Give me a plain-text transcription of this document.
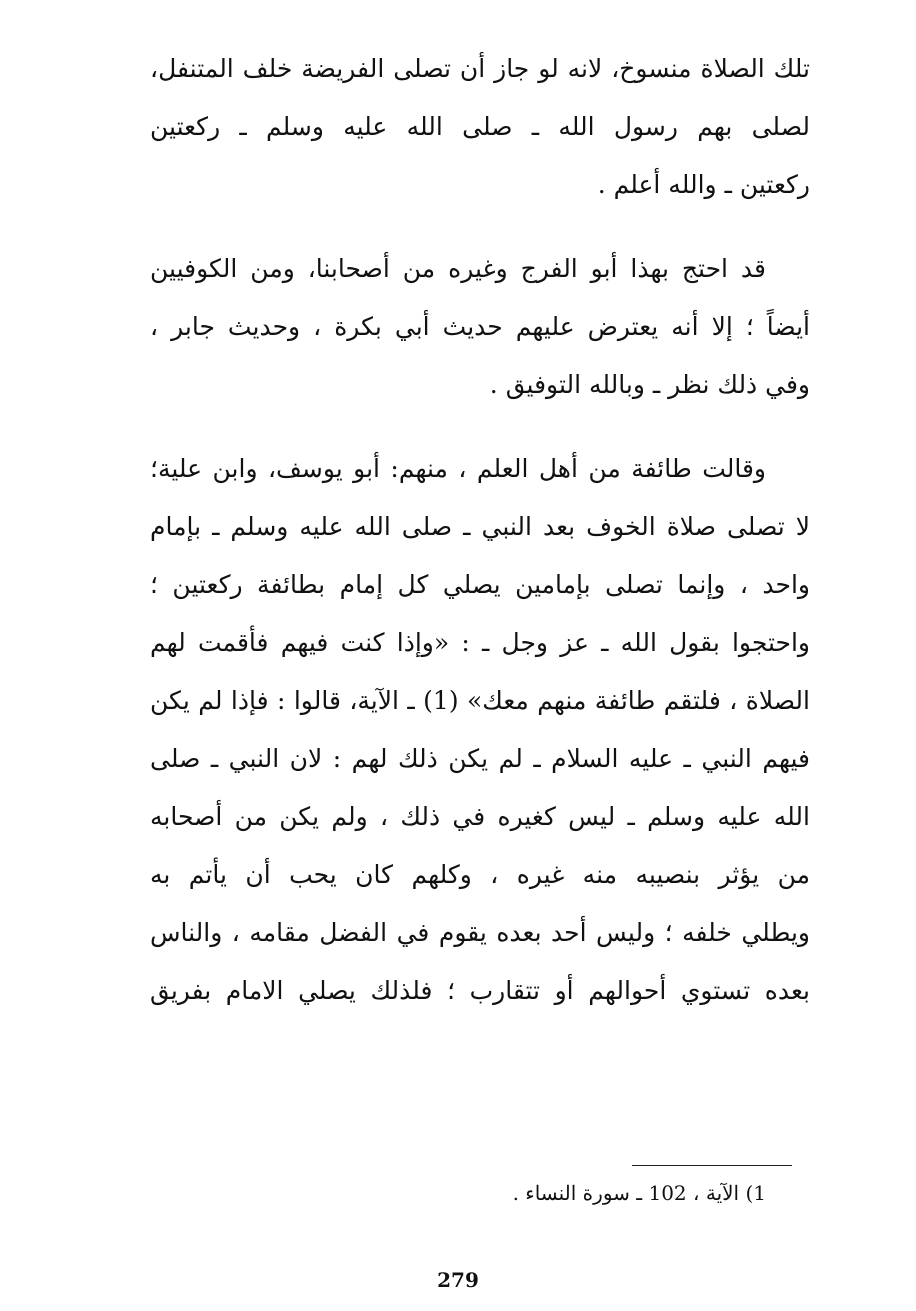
تلك الصلاة منسوخ، لانه لو جاز أن تصلى الفريضة خلف المتنفل،
لصلى بهم رسول الله ـ صلى الله عليه وسلم ـ ركعتين
ركعتين ـ والله أعلم .
قد احتج بهذا أبو الفرج وغيره من أصحابنا، ومن الكوفيين
أيضاً ؛ إلا أنه يعترض عليهم حديث أبي بكرة ، وحديث جابر ،
وفي ذلك نظر ـ وبالله التوفيق .
وقالت طائفة من أهل العلم ، منهم: أبو يوسف، وابن علية؛
لا تصلى صلاة الخوف بعد النبي ـ صلى الله عليه وسلم ـ بإمام
واحد ، وإنما تصلى بإمامين يصلي كل إمام بطائفة ركعتين ؛
واحتجوا بقول الله ـ عز وجل ـ : «وإذا كنت فيهم فأقمت لهم
الصلاة ، فلتقم طائفة منهم معك» (1) ـ الآية، قالوا : فإذا لم يكن
فيهم النبي ـ عليه السلام ـ لم يكن ذلك لهم : لان النبي ـ صلى
الله عليه وسلم ـ ليس كغيره في ذلك ، ولم يكن من أصحابه
من يؤثر بنصيبه منه غيره ، وكلهم كان يحب أن يأتم به
ويطلي خلفه ؛ وليس أحد بعده يقوم في الفضل مقامه ، والناس
بعده تستوي أحوالهم أو تتقارب ؛ فلذلك يصلي الامام بفريق
1) الآية ، 102 ـ سورة النساء .
279
